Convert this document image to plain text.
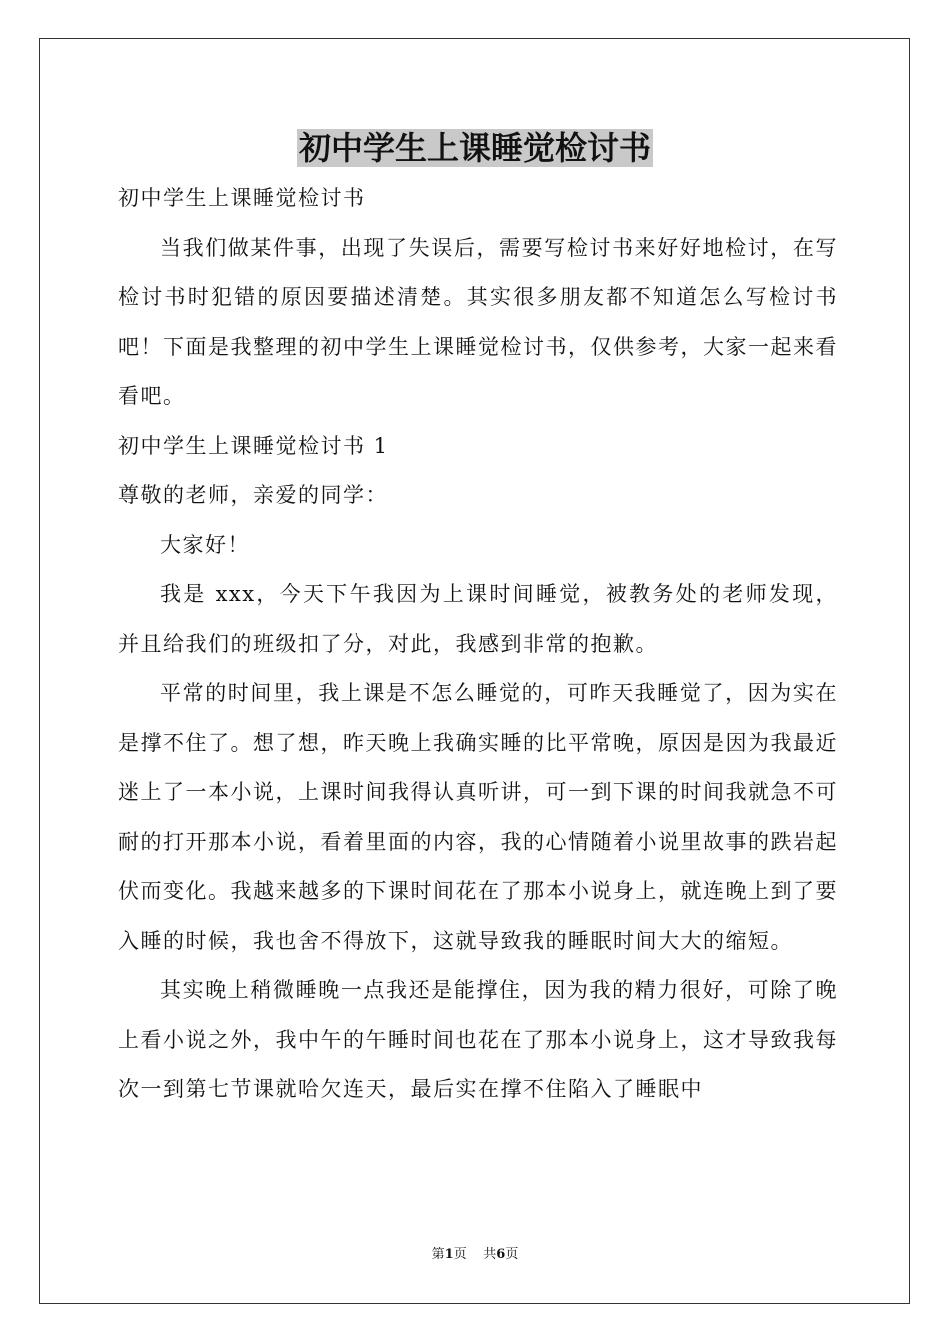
初中学生上课睡觉检讨书

初中学生上课睡觉检讨书

当我们做某件事，出现了失误后，需要写检讨书来好好地检讨，在写检讨书时犯错的原因要描述清楚。其实很多朋友都不知道怎么写检讨书吧！下面是我整理的初中学生上课睡觉检讨书，仅供参考，大家一起来看看吧。

初中学生上课睡觉检讨书 1

尊敬的老师，亲爱的同学：

大家好！

我是 xxx，今天下午我因为上课时间睡觉，被教务处的老师发现，并且给我们的班级扣了分，对此，我感到非常的抱歉。

平常的时间里，我上课是不怎么睡觉的，可昨天我睡觉了，因为实在是撑不住了。想了想，昨天晚上我确实睡的比平常晚，原因是因为我最近迷上了一本小说，上课时间我得认真听讲，可一到下课的时间我就急不可耐的打开那本小说，看着里面的内容，我的心情随着小说里故事的跌岩起伏而变化。我越来越多的下课时间花在了那本小说身上，就连晚上到了要入睡的时候，我也舍不得放下，这就导致我的睡眠时间大大的缩短。

其实晚上稍微睡晚一点我还是能撑住，因为我的精力很好，可除了晚上看小说之外，我中午的午睡时间也花在了那本小说身上，这才导致我每次一到第七节课就哈欠连天，最后实在撑不住陷入了睡眠中

第1页 共6页
